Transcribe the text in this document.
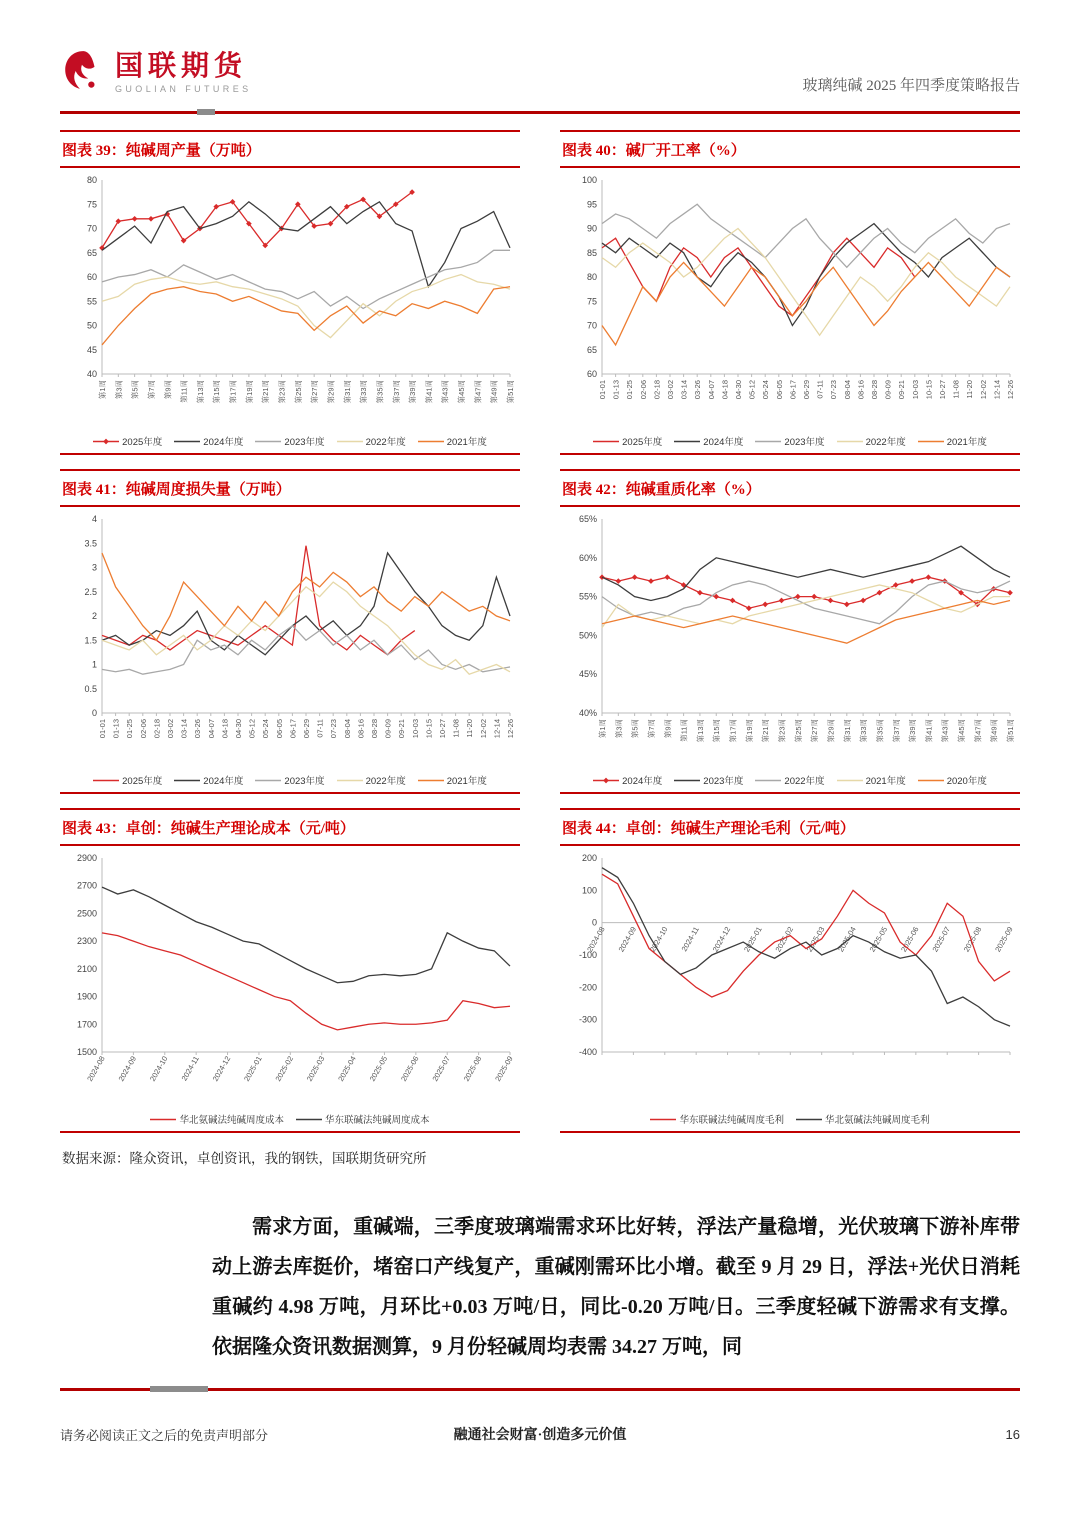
国联期货
GUOLIAN FUTURES	玻璃纯碱 2025 年四季度策略报告
图表 39：纯碱周产量（万吨）
40
45
50
55
60
65
70
75
80
第1周 第3周 第5周 第7周 第9周 第11周 第13周 第15周 第17周 第19周 第21周 第23周 第25周 第27周 第29周 第31周 第33周 第35周 第37周 第39周 第41周 第43周 第45周 第47周 第49周 第51周
2025年度	2024年度	2023年度	2022年度	2021年度
图表 40：碱厂开工率（%）
60
65
70
75
80
85
90
95
100
01-01 01-13 01-25 02-06 02-18 03-02 03-14 03-26 04-07 04-18 04-30 05-12 05-24 06-05 06-17 06-29 07-11 07-23 08-04 08-16 08-28 09-09 09-21 10-03 10-15 10-27 11-08 11-20 12-02 12-14 12-26
2025年度	2024年度	2023年度	2022年度	2021年度
图表 41：纯碱周度损失量（万吨）
0
0.5
1
1.5
2
2.5
3
3.5
4
01-01 01-13 01-25 02-06 02-18 03-02 03-14 03-26 04-07 04-18 04-30 05-12 05-24 06-05 06-17 06-29 07-11 07-23 08-04 08-16 08-28 09-09 09-21 10-03 10-15 10-27 11-08 11-20 12-02 12-14 12-26
2025年度	2024年度	2023年度	2022年度	2021年度
图表 42：纯碱重质化率（%）
40%
45%
50%
55%
60%
65%
第1周 第3周 第5周 第7周 第9周 第11周 第13周 第15周 第17周 第19周 第21周 第23周 第25周 第27周 第29周 第31周 第33周 第35周 第37周 第39周 第41周 第43周 第45周 第47周 第49周 第51周
2024年度	2023年度	2022年度	2021年度	2020年度
图表 43：卓创：纯碱生产理论成本（元/吨）
1500
1700
1900
2100
2300
2500
2700
2900
2024-08 2024-09 2024-10 2024-11 2024-12 2025-01 2025-02 2025-03 2025-04 2025-05 2025-06 2025-07 2025-08 2025-09
华北氨碱法纯碱周度成本	华东联碱法纯碱周度成本
图表 44：卓创：纯碱生产理论毛利（元/吨）
-400
-300
-200
-100
0
100
200
2024-08 2024-09 2024-10 2024-11 2024-12 2025-01 2025-02 2025-03 2025-04 2025-05 2025-06 2025-07 2025-08 2025-09
华东联碱法纯碱周度毛利	华北氨碱法纯碱周度毛利

数据来源：隆众资讯，卓创资讯，我的钢铁，国联期货研究所

需求方面，重碱端，三季度玻璃端需求环比好转，浮法产量稳增，光伏玻璃下游补库带动上游去库挺价，堵窑口产线复产，重碱刚需环比小增。截至 9 月 29 日，浮法+光伏日消耗重碱约 4.98 万吨，月环比+0.03 万吨/日，同比-0.20 万吨/日。三季度轻碱下游需求有支撑。依据隆众资讯数据测算，9 月份轻碱周均表需 34.27 万吨，同

请务必阅读正文之后的免责声明部分	融通社会财富·创造多元价值	16
